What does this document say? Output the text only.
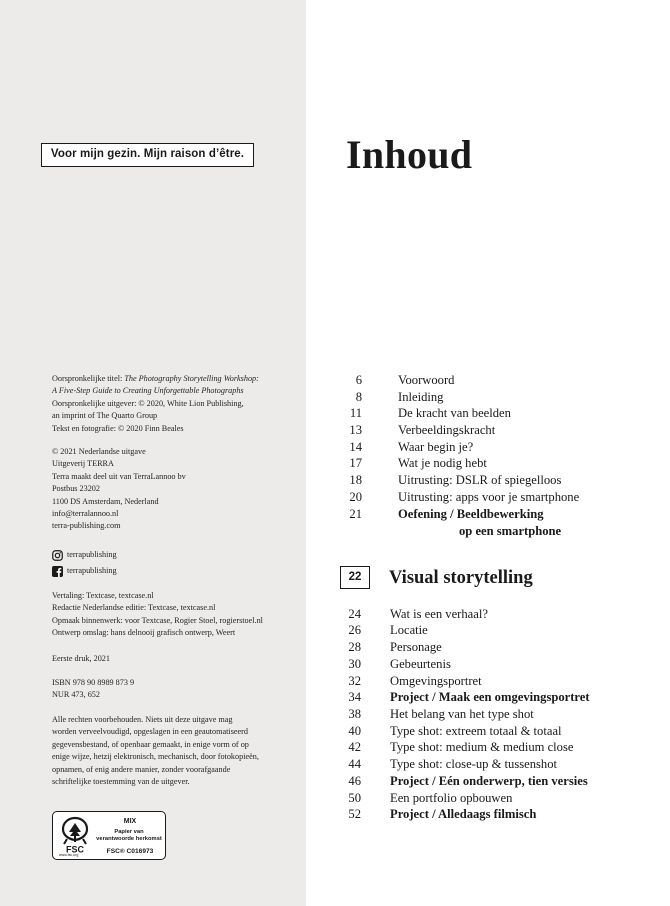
Voor mijn gezin. Mijn raison d’être.

Oorspronkelijke titel: The Photography Storytelling Workshop:

A Five-Step Guide to Creating Unforgettable Photographs

Oorspronkelijke uitgever: © 2020, White Lion Publishing,

an imprint of The Quarto Group

Tekst en fotografie: © 2020 Finn Beales

© 2021 Nederlandse uitgave

Uitgeverij TERRA

Terra maakt deel uit van TerraLannoo bv

Postbus 23202

1100 DS Amsterdam, Nederland

info@terralannoo.nl

terra-publishing.com

terrapublishing
terrapublishing

Vertaling: Textcase, textcase.nl

Redactie Nederlandse editie: Textcase, textcase.nl

Opmaak binnenwerk: voor Textcase, Rogier Stoel, rogierstoel.nl

Ontwerp omslag: hans delnooij grafisch ontwerp, Weert

Eerste druk, 2021

ISBN 978 90 8989 873 9

NUR 473, 652

Alle rechten voorbehouden. Niets uit deze uitgave mag

worden verveelvoudigd, opgeslagen in een geautomatiseerd

gegevensbestand, of openbaar gemaakt, in enige vorm of op

enige wijze, hetzij elektronisch, mechanisch, door fotokopieën,

opnamen, of enig andere manier, zonder voorafgaande

schriftelijke toestemming van de uitgever.

FSC
www.fsc.org
MIX
Papier van
verantwoorde herkomst
FSC® C016973
Inhoud
6	Voorwoord
8	Inleiding
11	De kracht van beelden
13	Verbeeldingskracht
14	Waar begin je?
17	Wat je nodig hebt
18	Uitrusting: DSLR of spiegelloos
20	Uitrusting: apps voor je smartphone
21	Oefening / Beeldbewerking
op een smartphone
22	Visual storytelling
24 Wat is een verhaal?
26 Locatie
28 Personage
30 Gebeurtenis
32 Omgevingsportret
34 Project / Maak een omgevingsportret
38 Het belang van het type shot
40 Type shot: extreem totaal & totaal
42 Type shot: medium & medium close
44 Type shot: close-up & tussenshot
46 Project / Eén onderwerp, tien versies
50 Een portfolio opbouwen
52 Project / Alledaags filmisch
